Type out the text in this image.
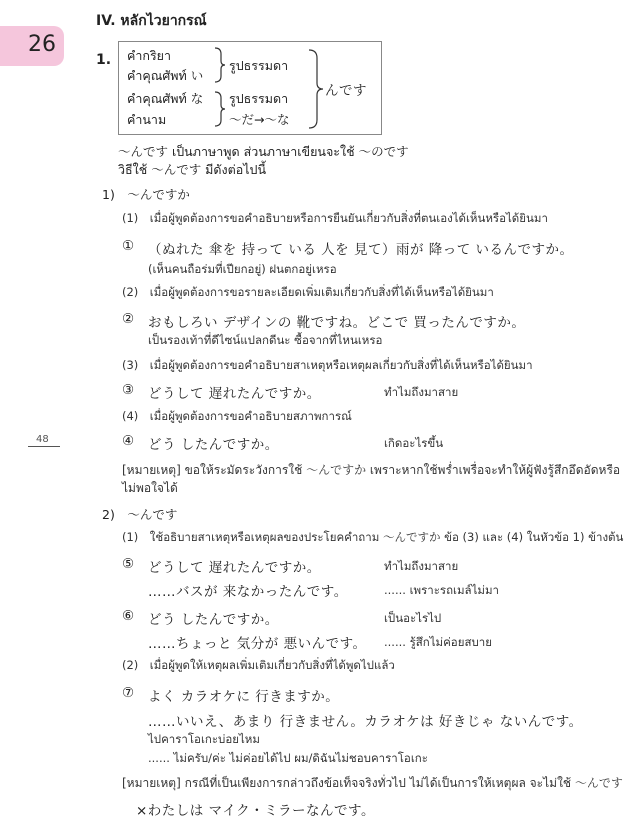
26
48
IV. หลักไวยากรณ์
1. คำกริยา
คำคุณศัพท์ い
คำคุณศัพท์ な
คำนาม
รูปธรรมดา
รูปธรรมดา
～だ→～な
んです
～んです เป็นภาษาพูด ส่วนภาษาเขียนจะใช้ ～のです
วิธีใช้ ～んです มีดังต่อไปนี้
1)　～んですか
(1)　เมื่อผู้พูดต้องการขอคำอธิบายหรือการยืนยันเกี่ยวกับสิ่งที่ตนเองได้เห็นหรือได้ยินมา
① （ぬれた 傘を 持って いる 人を 見て）雨が 降って いるんですか。
(เห็นคนถือร่มที่เปียกอยู่) ฝนตกอยู่เหรอ
(2)　เมื่อผู้พูดต้องการขอรายละเอียดเพิ่มเติมเกี่ยวกับสิ่งที่ได้เห็นหรือได้ยินมา
② おもしろい デザインの 靴ですね。どこで 買ったんですか。
เป็นรองเท้าที่ดีไซน์แปลกดีนะ ซื้อจากที่ไหนเหรอ
(3)　เมื่อผู้พูดต้องการขอคำอธิบายสาเหตุหรือเหตุผลเกี่ยวกับสิ่งที่ได้เห็นหรือได้ยินมา
③ どうして 遅れたんですか。	ทำไมถึงมาสาย
(4)　เมื่อผู้พูดต้องการขอคำอธิบายสภาพการณ์
④ どう したんですか。	เกิดอะไรขึ้น
[หมายเหตุ] ขอให้ระมัดระวังการใช้ ～んですか เพราะหากใช้พร่ำเพรื่อจะทำให้ผู้ฟังรู้สึกอึดอัดหรือ
ไม่พอใจได้
2)　～んです
(1)　ใช้อธิบายสาเหตุหรือเหตุผลของประโยคคำถาม ～んですか ข้อ (3) และ (4) ในหัวข้อ 1) ข้างต้น
⑤ どうして 遅れたんですか。	ทำไมถึงมาสาย
……バスが 来なかったんです。	...... เพราะรถเมล์ไม่มา
⑥ どう したんですか。	เป็นอะไรไป
……ちょっと 気分が 悪いんです。 ...... รู้สึกไม่ค่อยสบาย
(2)　เมื่อผู้พูดให้เหตุผลเพิ่มเติมเกี่ยวกับสิ่งที่ได้พูดไปแล้ว
⑦ よく カラオケに 行きますか。
……いいえ、あまり 行きません。カラオケは 好きじゃ ないんです。
ไปคาราโอเกะบ่อยไหม
...... ไม่ครับ/ค่ะ ไม่ค่อยได้ไป ผม/ดิฉันไม่ชอบคาราโอเกะ
[หมายเหตุ] กรณีที่เป็นเพียงการกล่าวถึงข้อเท็จจริงทั่วไป ไม่ได้เป็นการให้เหตุผล จะไม่ใช้ ～んです
×わたしは マイク・ミラーなんです。
